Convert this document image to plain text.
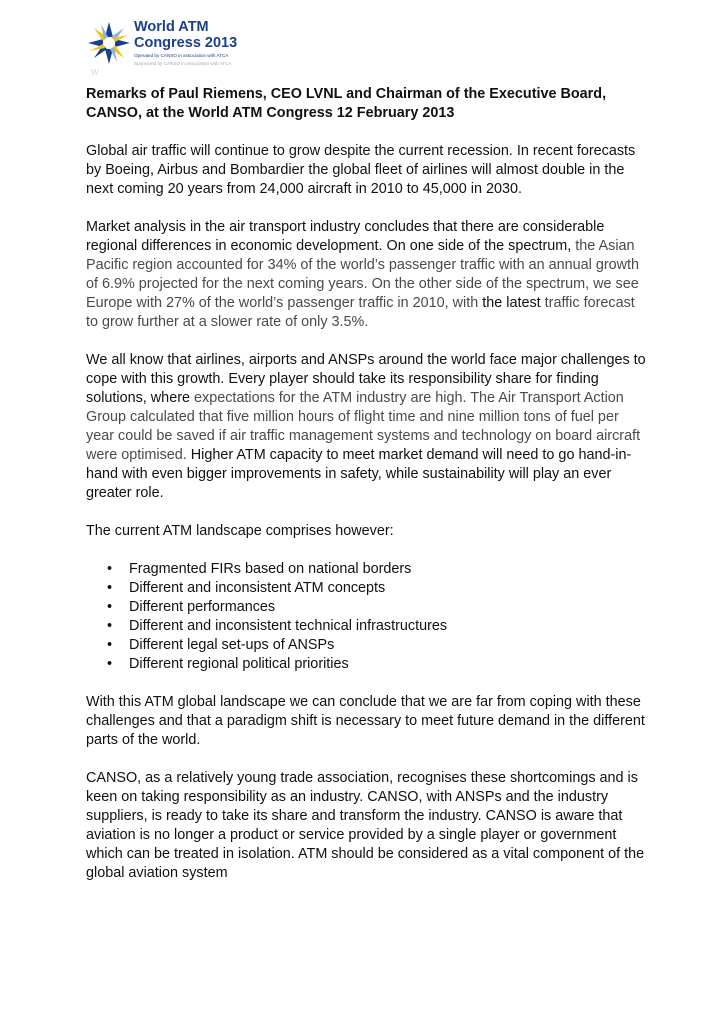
W
World ATM
Congress 2013
Operated by CANSO in association with ATCA
Sponsored by CANSO in association with ATCA
Remarks of Paul Riemens, CEO LVNL and Chairman of the Executive Board, CANSO, at the World ATM Congress 12 February 2013

Global air traffic will continue to grow despite the current recession. In recent forecasts by Boeing, Airbus and Bombardier the global fleet of airlines will almost double in the next coming 20 years from 24,000 aircraft in 2010 to 45,000 in 2030.

Market analysis in the air transport industry concludes that there are considerable regional differences in economic development. On one side of the spectrum, the Asian Pacific region accounted for 34% of the world’s passenger traffic with an annual growth of 6.9% projected for the next coming years. On the other side of the spectrum, we see Europe with 27% of the world’s passenger traffic in 2010, with the latest traffic forecast to grow further at a slower rate of only 3.5%.

We all know that airlines, airports and ANSPs around the world face major challenges to cope with this growth. Every player should take its responsibility share for finding solutions, where expectations for the ATM industry are high. The Air Transport Action Group calculated that five million hours of flight time and nine million tons of fuel per year could be saved if air traffic management systems and technology on board aircraft were optimised. Higher ATM capacity to meet market demand will need to go hand-in-hand with even bigger improvements in safety, while sustainability will play an ever greater role.

The current ATM landscape comprises however:

• Fragmented FIRs based on national borders
• Different and inconsistent ATM concepts
• Different performances
• Different and inconsistent technical infrastructures
• Different legal set-ups of ANSPs
• Different regional political priorities

With this ATM global landscape we can conclude that we are far from coping with these challenges and that a paradigm shift is necessary to meet future demand in the different parts of the world.

CANSO, as a relatively young trade association, recognises these shortcomings and is keen on taking responsibility as an industry. CANSO, with ANSPs and the industry suppliers, is ready to take its share and transform the industry. CANSO is aware that aviation is no longer a product or service provided by a single player or government which can be treated in isolation. ATM should be considered as a vital component of the global aviation system
